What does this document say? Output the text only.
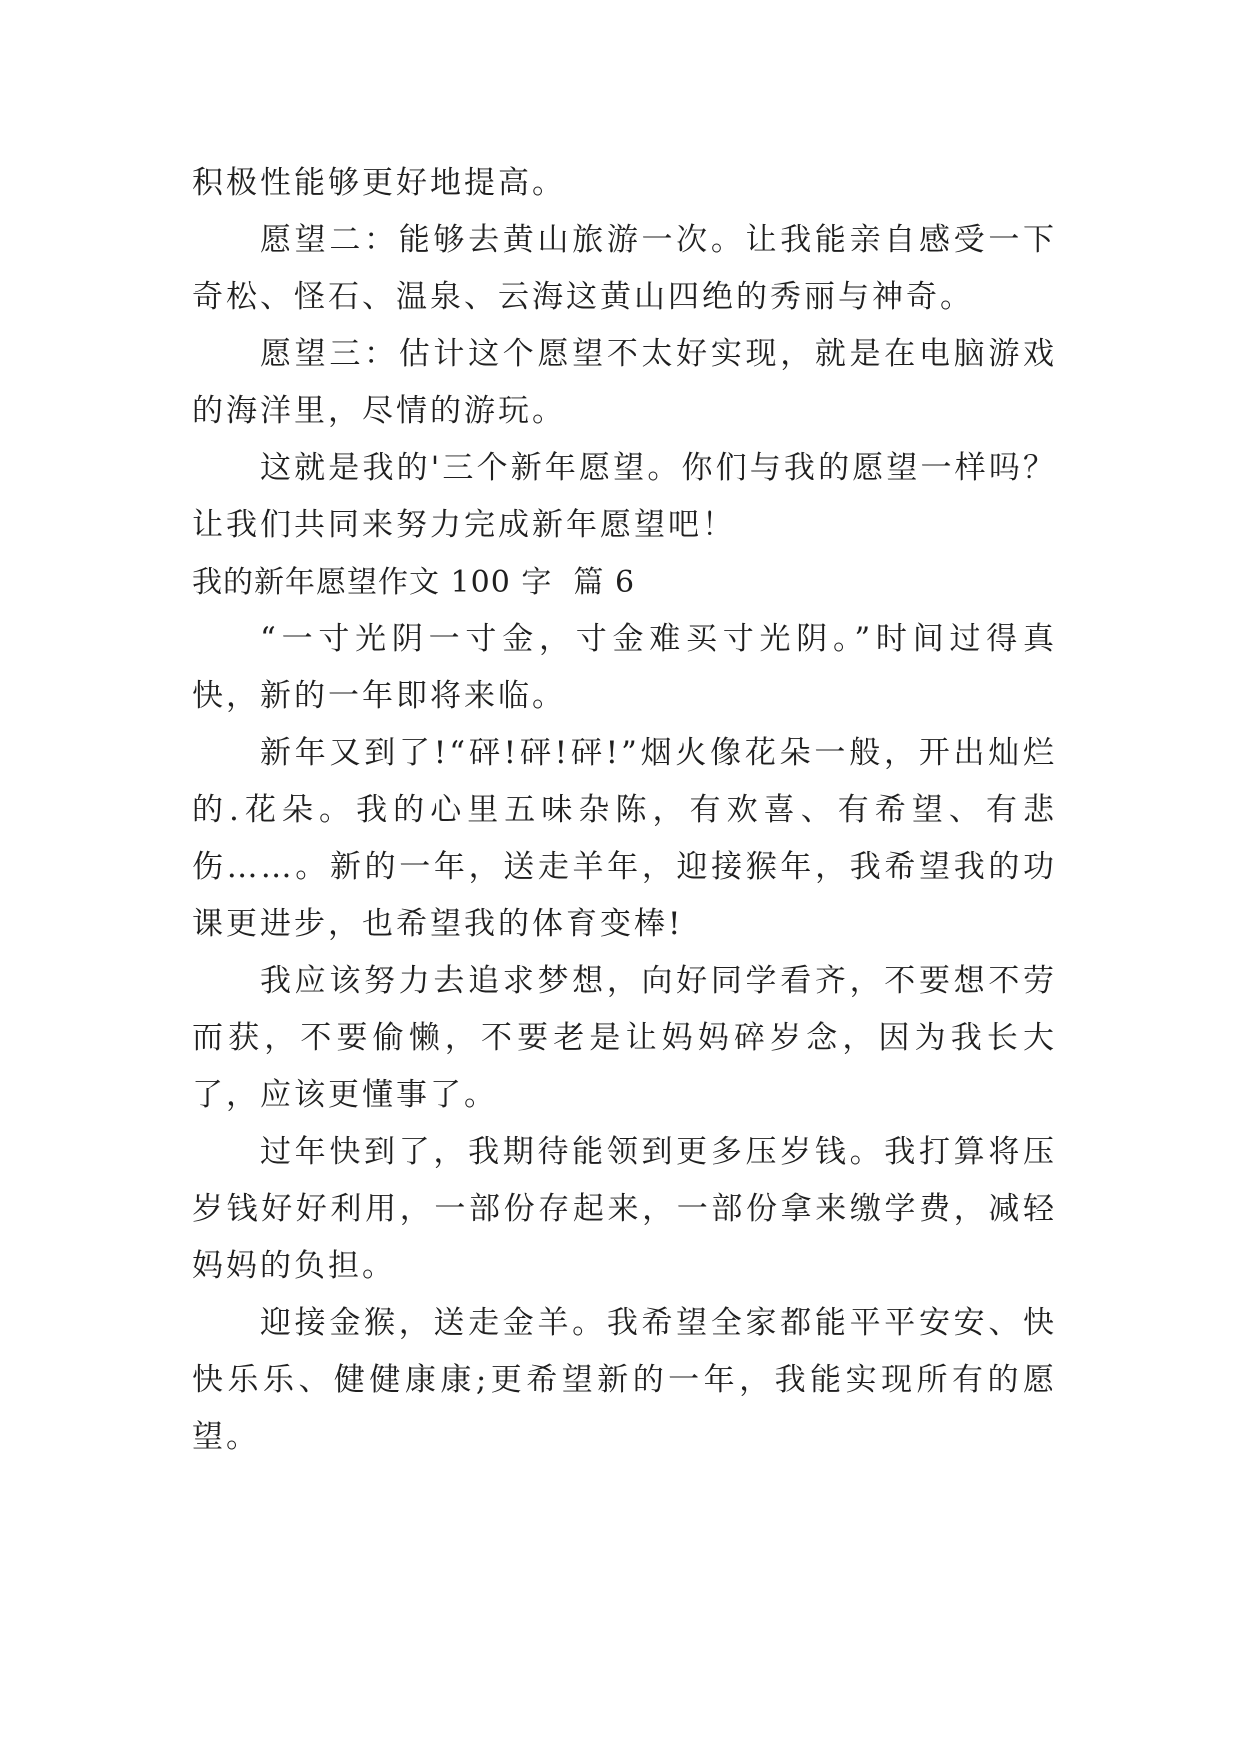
积极性能够更好地提高。

愿望二：能够去黄山旅游一次。让我能亲自感受一下奇松、怪石、温泉、云海这黄山四绝的秀丽与神奇。

愿望三：估计这个愿望不太好实现，就是在电脑游戏的海洋里，尽情的游玩。

这就是我的'三个新年愿望。你们与我的愿望一样吗？让我们共同来努力完成新年愿望吧！

我的新年愿望作文 100 字  篇 6

“一寸光阴一寸金，寸金难买寸光阴。”时间过得真快，新的一年即将来临。

新年又到了!“砰!砰!砰!”烟火像花朵一般，开出灿烂的.花朵。我的心里五味杂陈，有欢喜、有希望、有悲伤……。新的一年，送走羊年，迎接猴年，我希望我的功课更进步，也希望我的体育变棒!

我应该努力去追求梦想，向好同学看齐，不要想不劳而获，不要偷懒，不要老是让妈妈碎岁念，因为我长大了，应该更懂事了。

过年快到了，我期待能领到更多压岁钱。我打算将压岁钱好好利用，一部份存起来，一部份拿来缴学费，减轻妈妈的负担。

迎接金猴，送走金羊。我希望全家都能平平安安、快快乐乐、健健康康;更希望新的一年，我能实现所有的愿望。
